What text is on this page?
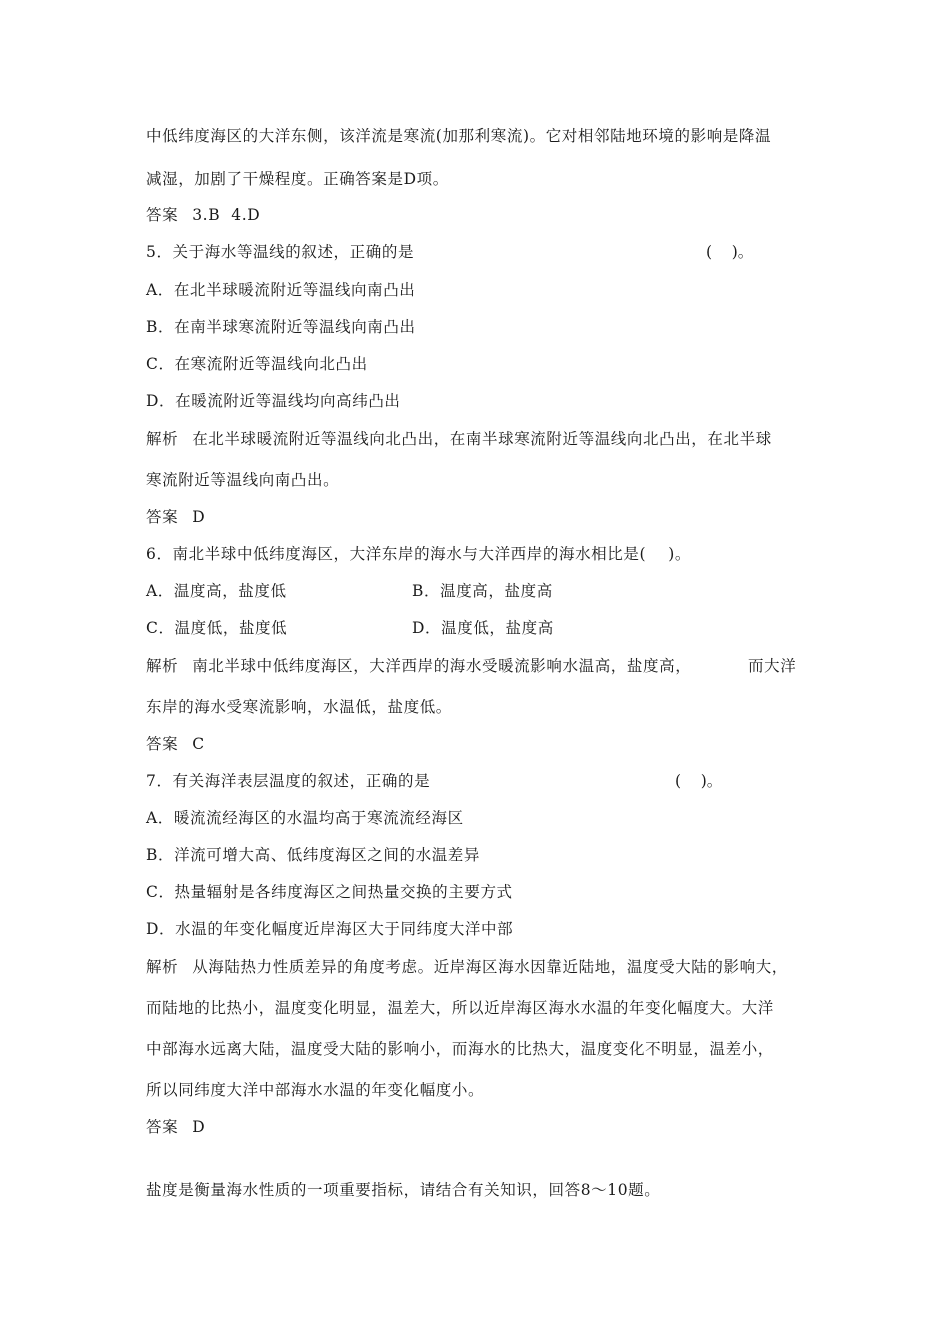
中低纬度海区的大洋东侧，该洋流是寒流(加那利寒流)。它对相邻陆地环境的影响是降温
减湿，加剧了干燥程度。正确答案是D项。
答案 3.B  4.D
5．关于海水等温线的叙述，正确的是	(    )。
A．在北半球暖流附近等温线向南凸出
B．在南半球寒流附近等温线向南凸出
C．在寒流附近等温线向北凸出
D．在暖流附近等温线均向高纬凸出
解析 在北半球暖流附近等温线向北凸出，在南半球寒流附近等温线向北凸出，在北半球
寒流附近等温线向南凸出。
答案 D
6．南北半球中低纬度海区，大洋东岸的海水与大洋西岸的海水相比是(    )。
A．温度高，盐度低	B．温度高，盐度高
C．温度低，盐度低	D．温度低，盐度高
解析 南北半球中低纬度海区，大洋西岸的海水受暖流影响水温高，盐度高，	而大洋
东岸的海水受寒流影响，水温低，盐度低。
答案 C
7．有关海洋表层温度的叙述，正确的是	(    )。
A．暖流流经海区的水温均高于寒流流经海区
B．洋流可增大高、低纬度海区之间的水温差异
C．热量辐射是各纬度海区之间热量交换的主要方式
D．水温的年变化幅度近岸海区大于同纬度大洋中部
解析 从海陆热力性质差异的角度考虑。近岸海区海水因靠近陆地，温度受大陆的影响大，
而陆地的比热小，温度变化明显，温差大，所以近岸海区海水水温的年变化幅度大。大洋
中部海水远离大陆，温度受大陆的影响小，而海水的比热大，温度变化不明显，温差小，
所以同纬度大洋中部海水水温的年变化幅度小。
答案 D
盐度是衡量海水性质的一项重要指标，请结合有关知识，回答8～10题。
